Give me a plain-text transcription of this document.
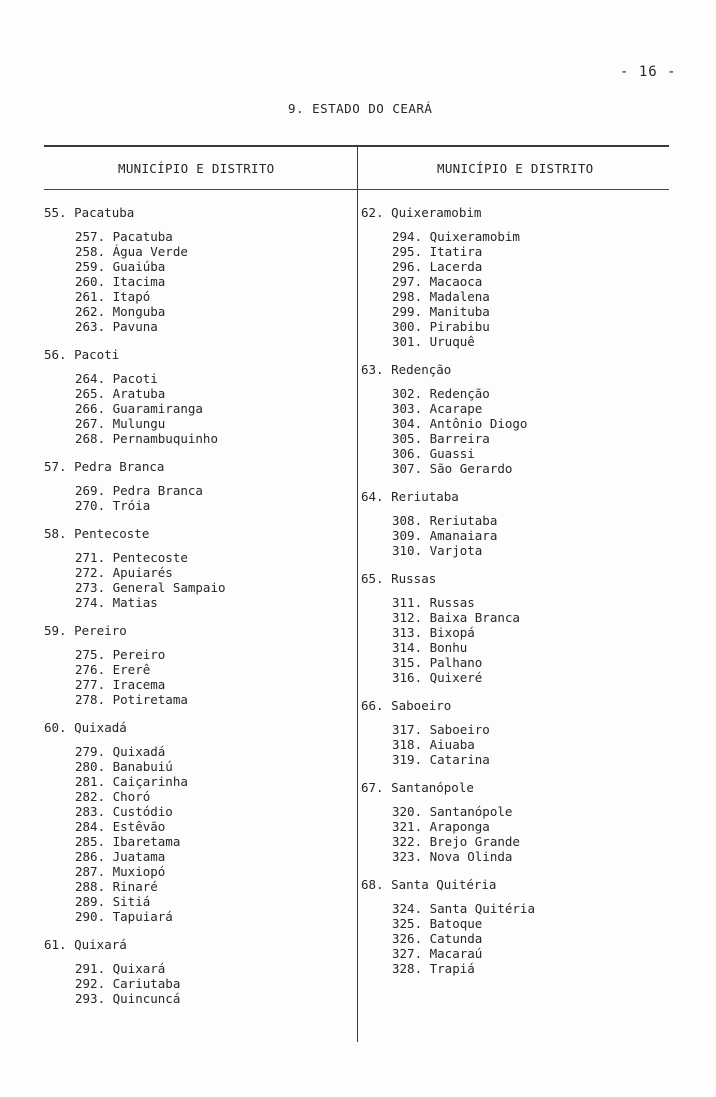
- 16 -
9. ESTADO DO CEARÁ
MUNICÍPIO E DISTRITO	MUNICÍPIO E DISTRITO
55. Pacatuba
257. Pacatuba
258. Água Verde
259. Guaiúba
260. Itacima
261. Itapó
262. Monguba
263. Pavuna
56. Pacoti
264. Pacoti
265. Aratuba
266. Guaramiranga
267. Mulungu
268. Pernambuquinho
57. Pedra Branca
269. Pedra Branca
270. Tróia
58. Pentecoste
271. Pentecoste
272. Apuiarés
273. General Sampaio
274. Matias
59. Pereiro
275. Pereiro
276. Ererê
277. Iracema
278. Potiretama
60. Quixadá
279. Quixadá
280. Banabuiú
281. Caiçarinha
282. Choró
283. Custódio
284. Estêvão
285. Ibaretama
286. Juatama
287. Muxiopó
288. Rinaré
289. Sitiá
290. Tapuiará
61. Quixará
291. Quixará
292. Cariutaba
293. Quincuncá
62. Quixeramobim
294. Quixeramobim
295. Itatira
296. Lacerda
297. Macaoca
298. Madalena
299. Manituba
300. Pirabibu
301. Uruquê
63. Redenção
302. Redenção
303. Acarape
304. Antônio Diogo
305. Barreira
306. Guassi
307. São Gerardo
64. Reriutaba
308. Reriutaba
309. Amanaiara
310. Varjota
65. Russas
311. Russas
312. Baixa Branca
313. Bixopá
314. Bonhu
315. Palhano
316. Quixeré
66. Saboeiro
317. Saboeiro
318. Aiuaba
319. Catarina
67. Santanópole
320. Santanópole
321. Araponga
322. Brejo Grande
323. Nova Olinda
68. Santa Quitéria
324. Santa Quitéria
325. Batoque
326. Catunda
327. Macaraú
328. Trapiá
